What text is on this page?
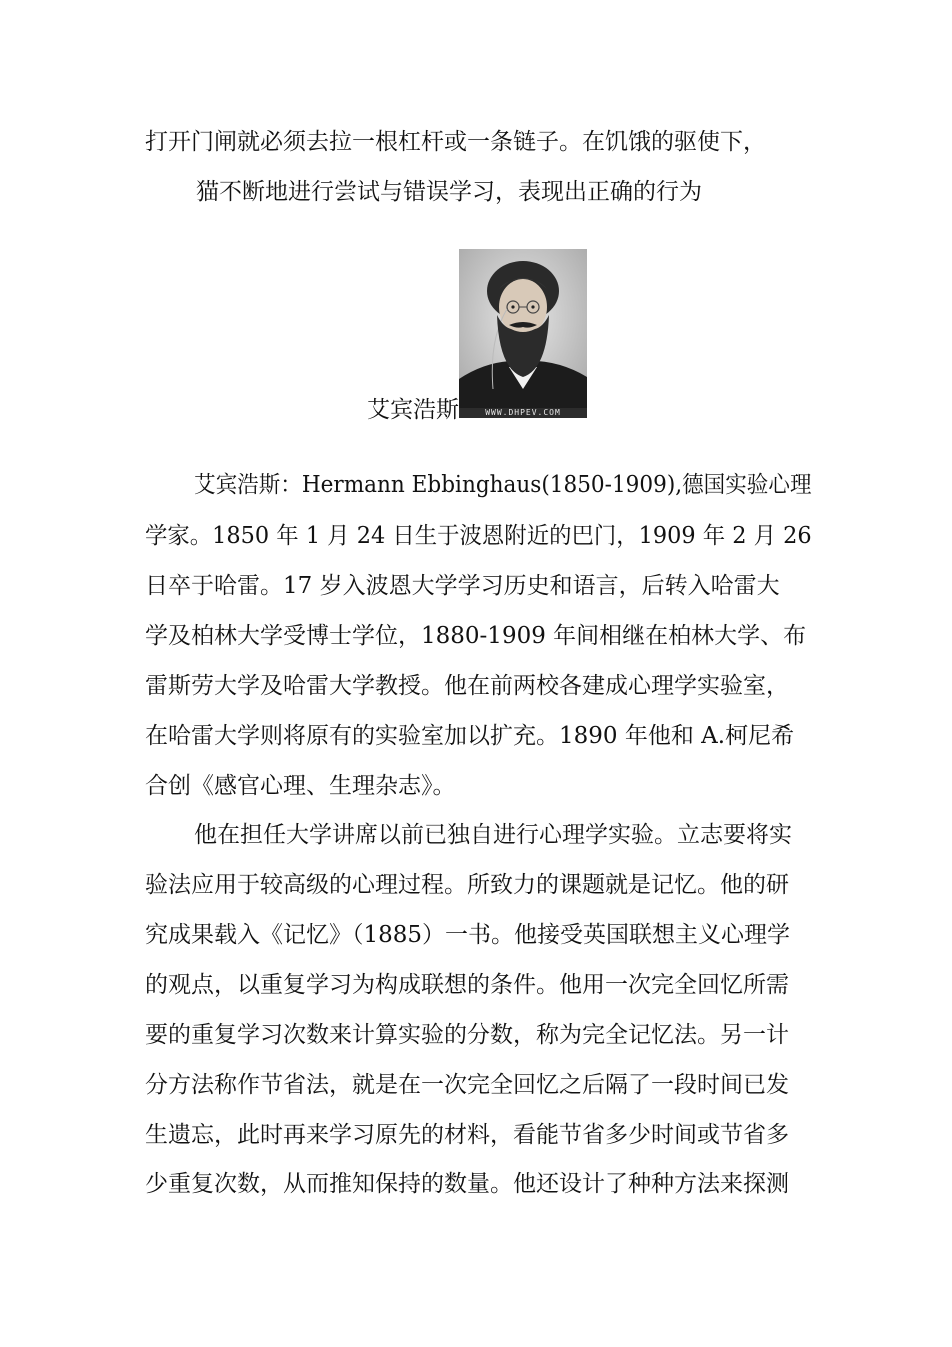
打开门闸就必须去拉一根杠杆或一条链子。在饥饿的驱使下，
猫不断地进行尝试与错误学习，表现出正确的行为
艾宾浩斯	WWW.DHPEV.COM
艾宾浩斯：Hermann Ebbinghaus(1850-1909),德国实验心理
学家。1850 年 1 月 24 日生于波恩附近的巴门，1909 年 2 月 26
日卒于哈雷。17 岁入波恩大学学习历史和语言，后转入哈雷大
学及柏林大学受博士学位，1880-1909 年间相继在柏林大学、布
雷斯劳大学及哈雷大学教授。他在前两校各建成心理学实验室，
在哈雷大学则将原有的实验室加以扩充。1890 年他和 A.柯尼希
合创《感官心理、生理杂志》。
他在担任大学讲席以前已独自进行心理学实验。立志要将实
验法应用于较高级的心理过程。所致力的课题就是记忆。他的研
究成果载入《记忆》（1885）一书。他接受英国联想主义心理学
的观点，以重复学习为构成联想的条件。他用一次完全回忆所需
要的重复学习次数来计算实验的分数，称为完全记忆法。另一计
分方法称作节省法，就是在一次完全回忆之后隔了一段时间已发
生遗忘，此时再来学习原先的材料，看能节省多少时间或节省多
少重复次数，从而推知保持的数量。他还设计了种种方法来探测
